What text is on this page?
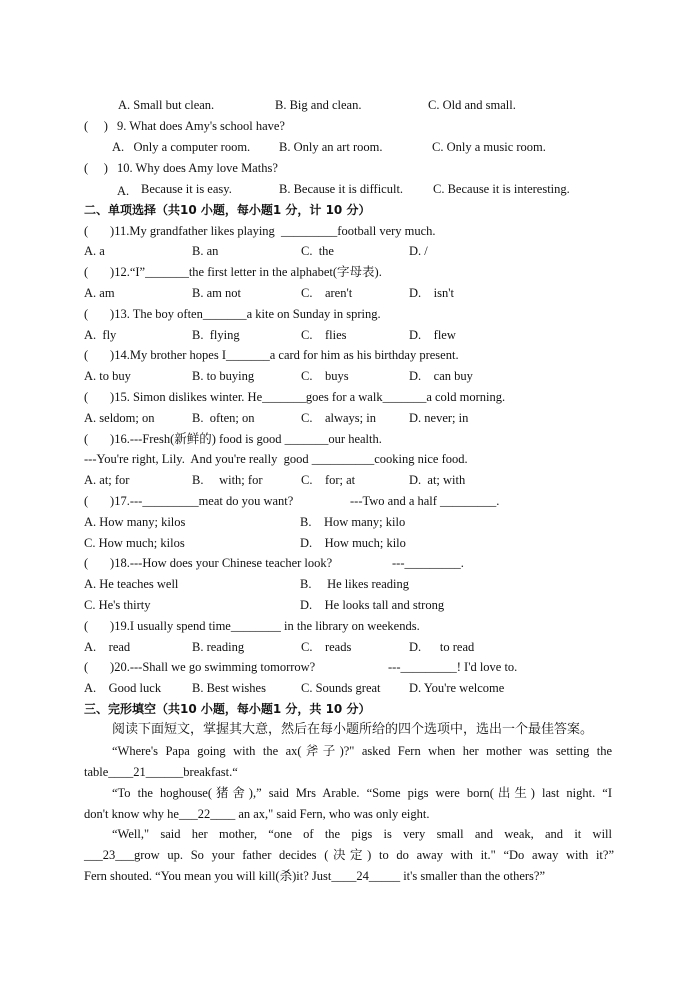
A. Small but clean.	B. Big and clean.	C. Old and small.
(     ) 9. What does Amy's school have?
A.   Only a computer room. B. Only an art room.	C. Only a music room.
(     ) 10. Why does Amy love Maths?
A. Because it is easy.	B. Because it is difficult. C. Because it is interesting.
二、单项选择（共10 小题，每小题1 分，计 10 分）
(       )11.My grandfather likes playing  _________football very much.
A. a	B. an	C.  the	D. /
(       )12.“I”_______the first letter in the alphabet(字母表).
A. am	B. am not	C.    aren't	D.    isn't
(       )13. The boy often_______a kite on Sunday in spring.
A.  fly	B.  flying	C.    flies	D.    flew
(       )14.My brother hopes I_______a card for him as his birthday present.
A. to buy	B. to buying	C.    buys	D.    can buy
(       )15. Simon dislikes winter. He_______goes for a walk_______a cold morning.
A. seldom; on	B.  often; on	C.    always; in	D. never; in
(       )16.---Fresh(新鲜的) food is good _______our health.
---You're right, Lily.  And you're really  good __________cooking nice food.
A. at; for	B.     with; for	C.    for; at	D.  at; with
(       )17.---_________meat do you want?	---Two and a half _________.
A. How many; kilos	B.    How many; kilo
C. How much; kilos	D.    How much; kilo
(       )18.---How does your Chinese teacher look?	---_________.
A. He teaches well	B.     He likes reading
C. He's thirty	D.    He looks tall and strong
(       )19.I usually spend time________ in the library on weekends.
A.    read	B. reading	C.    reads	D.      to read
(       )20.---Shall we go swimming tomorrow?	---_________! I'd love to.
A.    Good luck B. Best wishes	C. Sounds great D. You're welcome
三、完形填空（共10 小题，每小题1 分，共 10 分）
阅读下面短文，掌握其大意，然后在每小题所给的四个选项中，选出一个最佳答案。
“Where's Papa going with the ax(斧子)?" asked Fern when her mother was setting the
table____21______breakfast.“
“To the hoghouse(猪舍),” said Mrs Arable. “Some pigs were born(出生) last night. “I
don't know why he___22____ an ax," said Fern, who was only eight.
“Well," said her mother, “one of the pigs is very small and weak, and it will
___23___grow up. So your father decides (决定) to do away with it." “Do away with it?”
Fern shouted. “You mean you will kill(杀)it? Just____24_____ it's smaller than the others?”
